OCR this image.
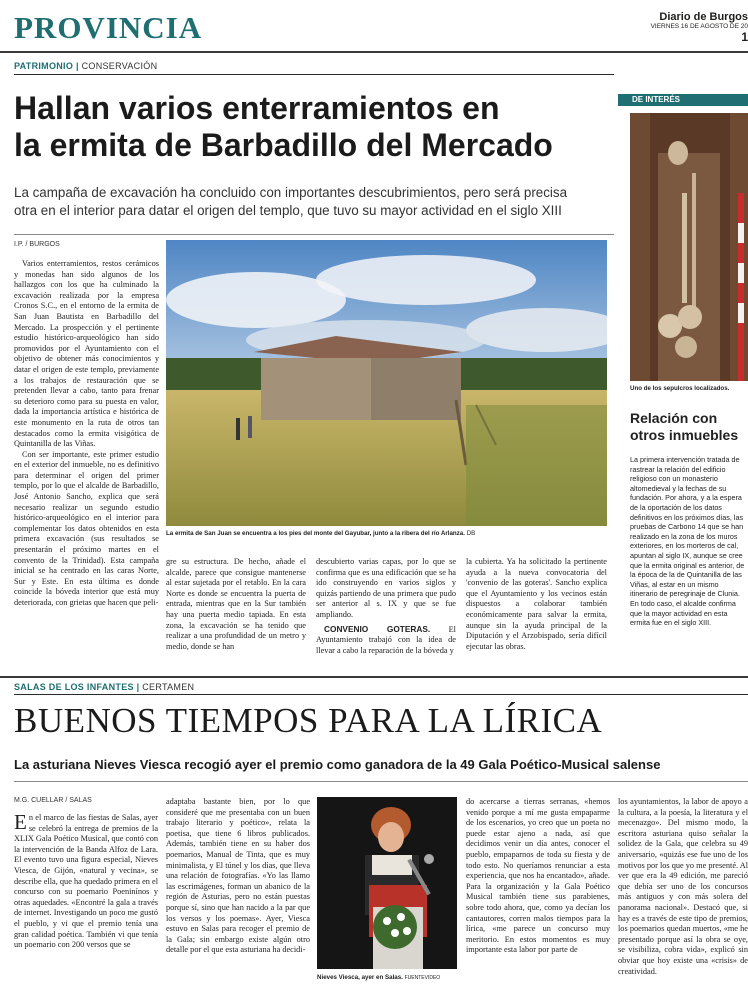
PROVINCIA	Diario de Burgos
VIERNES 16 DE AGOSTO DE 20
1
PATRIMONIO | CONSERVACIÓN
Hallan varios enterramientos en
la ermita de Barbadillo del Mercado
La campaña de excavación ha concluido con importantes descubrimientos, pero será precisa
otra en el interior para datar el origen del templo, que tuvo su mayor actividad en el siglo XIII
I.P. / BURGOS

Varios enterramientos, restos cerámicos y monedas han sido algunos de los hallazgos con los que ha culminado la excavación realizada por la empresa Cronos S.C., en el entorno de la ermita de San Juan Bautista en Barbadillo del Mercado. La prospección y el pertinente estudio histórico-arqueológico han sido promovidos por el Ayuntamiento con el objetivo de obtener más conocimientos y datar el origen de este templo, previamente a los trabajos de restauración que se pretenden llevar a cabo, tanto para frenar su deterioro como para su puesta en valor, dada la importancia artística e histórica de este monumento en la ruta de otros tan destacados como la ermita visigótica de Quintanilla de las Viñas.

Con ser importante, este primer estudio en el exterior del inmueble, no es definitivo para determinar el origen del primer templo, por lo que el alcalde de Barbadillo, José Antonio Sancho, explica que será necesario realizar un segundo estudio histórico-arqueológico en el interior para complementar los datos obtenidos en esta primera excavación (sus resultados se presentarán el próximo martes en el convento de la Trinidad). Esta campaña inicial se ha centrado en las caras Norte, Sur y Este. En esta última es donde coincide la bóveda interior que está muy deteriorada, con grietas que hacen que peli-

La ermita de San Juan se encuentra a los pies del monte del Gayubar, junto a la ribera del río Arlanza. DB

gre su estructura. De hecho, añade el alcalde, parece que consigue mantenerse al estar sujetada por el retablo. En la cara Norte es donde se encuentra la puerta de entrada, mientras que en la Sur también hay una puerta medio tapiada. En esta zona, la excavación se ha tenido que realizar a una profundidad de un metro y medio, donde se han

descubierto varias capas, por lo que se confirma que es una edificación que se ha ido construyendo en varios siglos y quizás partiendo de una primera que pudo ser anterior al s. IX y que se fue ampliando.

CONVENIO GOTERAS. El Ayuntamiento trabajó con la idea de llevar a cabo la reparación de la bóveda y

la cubierta. Ya ha solicitado la pertinente ayuda a la nueva convocatoria del 'convenio de las goteras'. Sancho explica que el Ayuntamiento y los vecinos están dispuestos a colaborar también económicamente para salvar la ermita, aunque sin la ayuda principal de la Diputación y el Arzobispado, sería difícil ejecutar las obras.

DE INTERÉS
Uno de los sepulcros localizados.
Relación con
otros inmuebles
La primera intervención tratada de rastrear la relación del edificio religioso con un monasterio altomedieval y la fechas de su fundación. Por ahora, y a la espera de la oportación de los datos definitivos en los próximos días, las pruebas de Carbono 14 que se han realizado en la zona de los muros exteriores, en los morteros de cal, apuntan al siglo IX, aunque se cree que la ermita original es anterior, de la época de la de Quintanilla de las Viñas, al estar en un mismo itinerario de peregrinaje de Clunia. En todo caso, el alcalde confirma que la mayor actividad en esta ermita fue en el siglo XIII.
SALAS DE LOS INFANTES | CERTAMEN
BUENOS TIEMPOS PARA LA LÍRICA
La asturiana Nieves Viesca recogió ayer el premio como ganadora de la 49 Gala Poético-Musical salense
M.G. CUELLAR / SALAS

En el marco de las fiestas de Salas, ayer se celebró la entrega de premios de la XLIX Gala Poético Musical, que contó con la intervención de la Banda Alfoz de Lara. El evento tuvo una figura especial, Nieves Viesca, de Gijón, «natural y vecina», se describe ella, que ha quedado primera en el concurso con su poemario Poeninínos y otras aquedades. «Encontré la gala a través de internet. Investigando un poco me gustó el pueblo, y vi que el premio tenía una gran calidad poética. También vi que tenía un poemario con 200 versos que se

adaptaba bastante bien, por lo que consideré que me presentaba con un buen trabajo literario y poético», relata la poetisa, que tiene 6 libros publicados. Además, también tiene en su haber dos poemarios, Manual de Tinta, que es muy minimalista, y El túnel y los días, que lleva una relación de fotografías. «Yo las llamo las escrimágenes, forman un abanico de la región de Asturias, pero no están puestas porque sí, sino que han nacido a la par que los versos y los poemas». Ayer, Viesca estuvo en Salas para recoger el premio de la Gala; sin embargo existe algún otro detalle por el que esta asturiana ha decidi-

Nieves Viesca, ayer en Salas. FUENTEVIDEO

do acercarse a tierras serranas, «hemos venido porque a mí me gusta empaparme de los escenarios, yo creo que un poeta no puede estar ajeno a nada, así que decidimos venir un día antes, conocer el pueblo, empaparnos de toda su fiesta y de todo esto. No queríamos renunciar a esta experiencia, que nos ha encantado», añade. Para la organización y la Gala Poético Musical también tiene sus parabienes, sobre todo ahora, que, como ya decían los cantautores, corren malos tiempos para la lírica, «me parece un concurso muy meritorio. En estos momentos es muy importante esta labor por parte de

los ayuntamientos, la labor de apoyo a la cultura, a la poesía, la literatura y el mecenazgo». Del mismo modo, la escritora asturiana quiso señalar la solidez de la Gala, que celebra su 49 aniversario, «quizás ese fue uno de los motivos por los que yo me presenté. Al ver que era la 49 edición, me pareció que debía ser uno de los concursos más antiguos y con más solera del panorama nacional». Destacó que, si hay es a través de este tipo de premios, los poemarios quedan muertos, «me he presentado porque así la obra se oye, se visibiliza, cobra vida», explicó sin obviar que hoy existe una «crisis» de creatividad.
